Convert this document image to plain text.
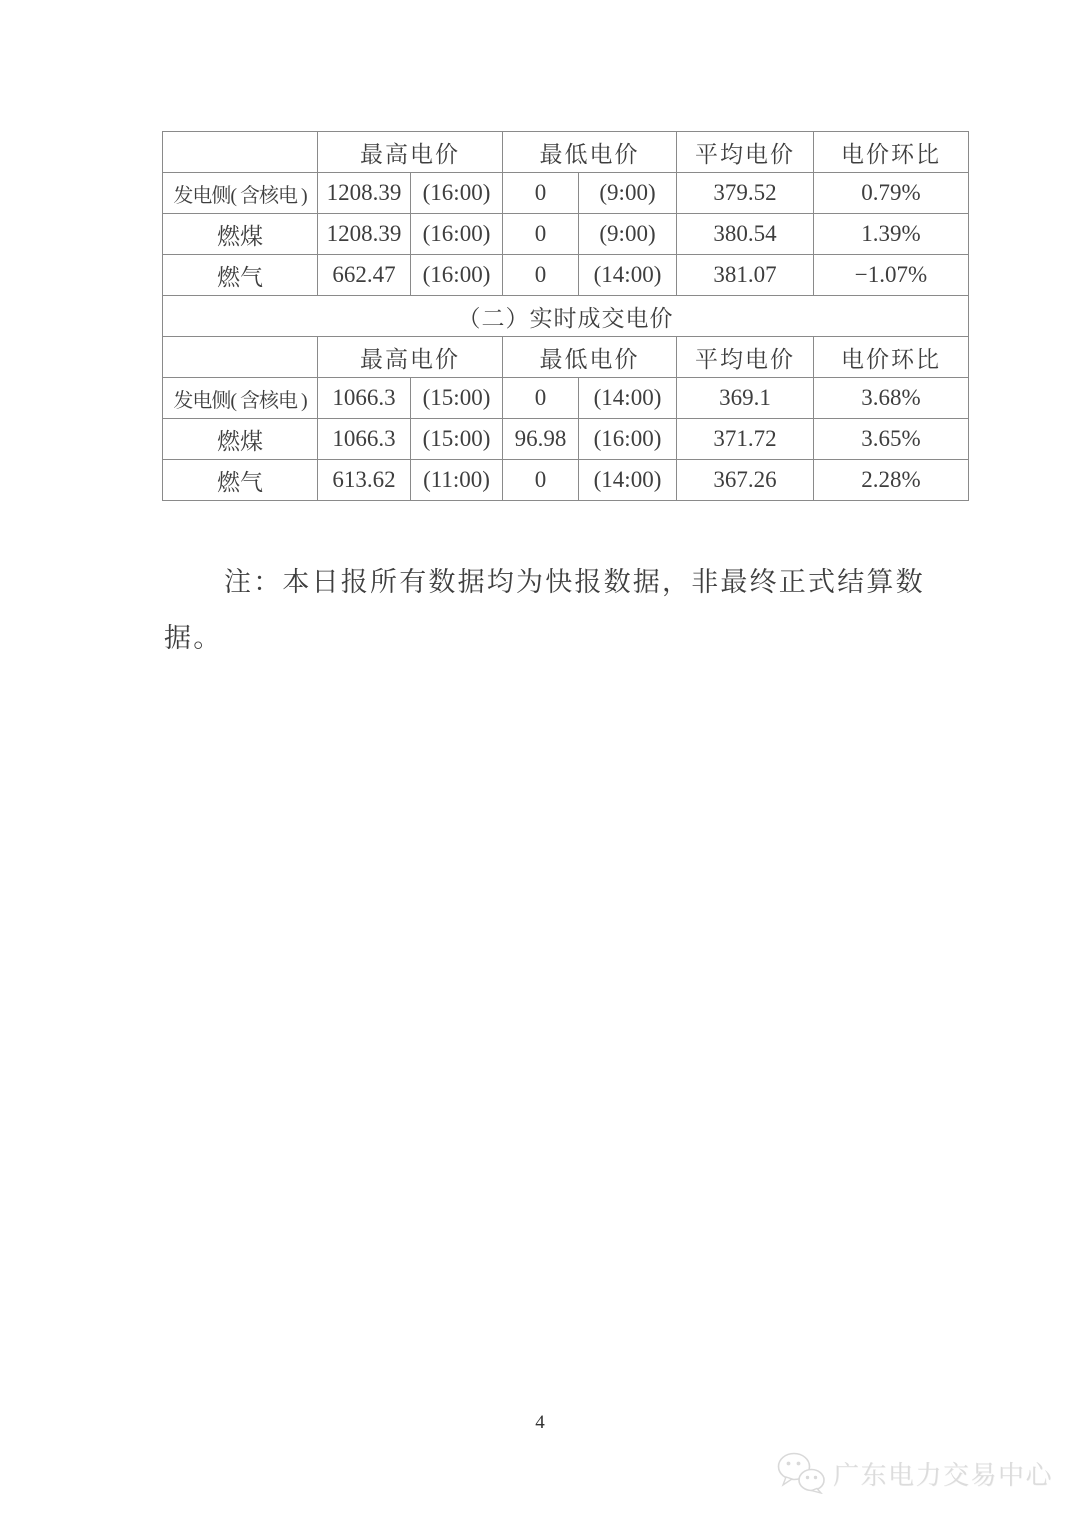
	最高电价		最低电价		平均电价	电价环比
发电侧( 含核电 )	1208.39	(16:00)	0	(9:00)	379.52	0.79%
燃煤	1208.39	(16:00)	0	(9:00)	380.54	1.39%
燃气	662.47	(16:00)	0	(14:00)	381.07	−1.07%
（二）实时成交电价						
	最高电价		最低电价		平均电价	电价环比
发电侧( 含核电 )	1066.3	(15:00)	0	(14:00)	369.1	3.68%
燃煤	1066.3	(15:00)	96.98	(16:00)	371.72	3.65%
燃气	613.62	(11:00)	0	(14:00)	367.26	2.28%
注：本日报所有数据均为快报数据，非最终正式结算数
据。
4
广东电力交易中心
